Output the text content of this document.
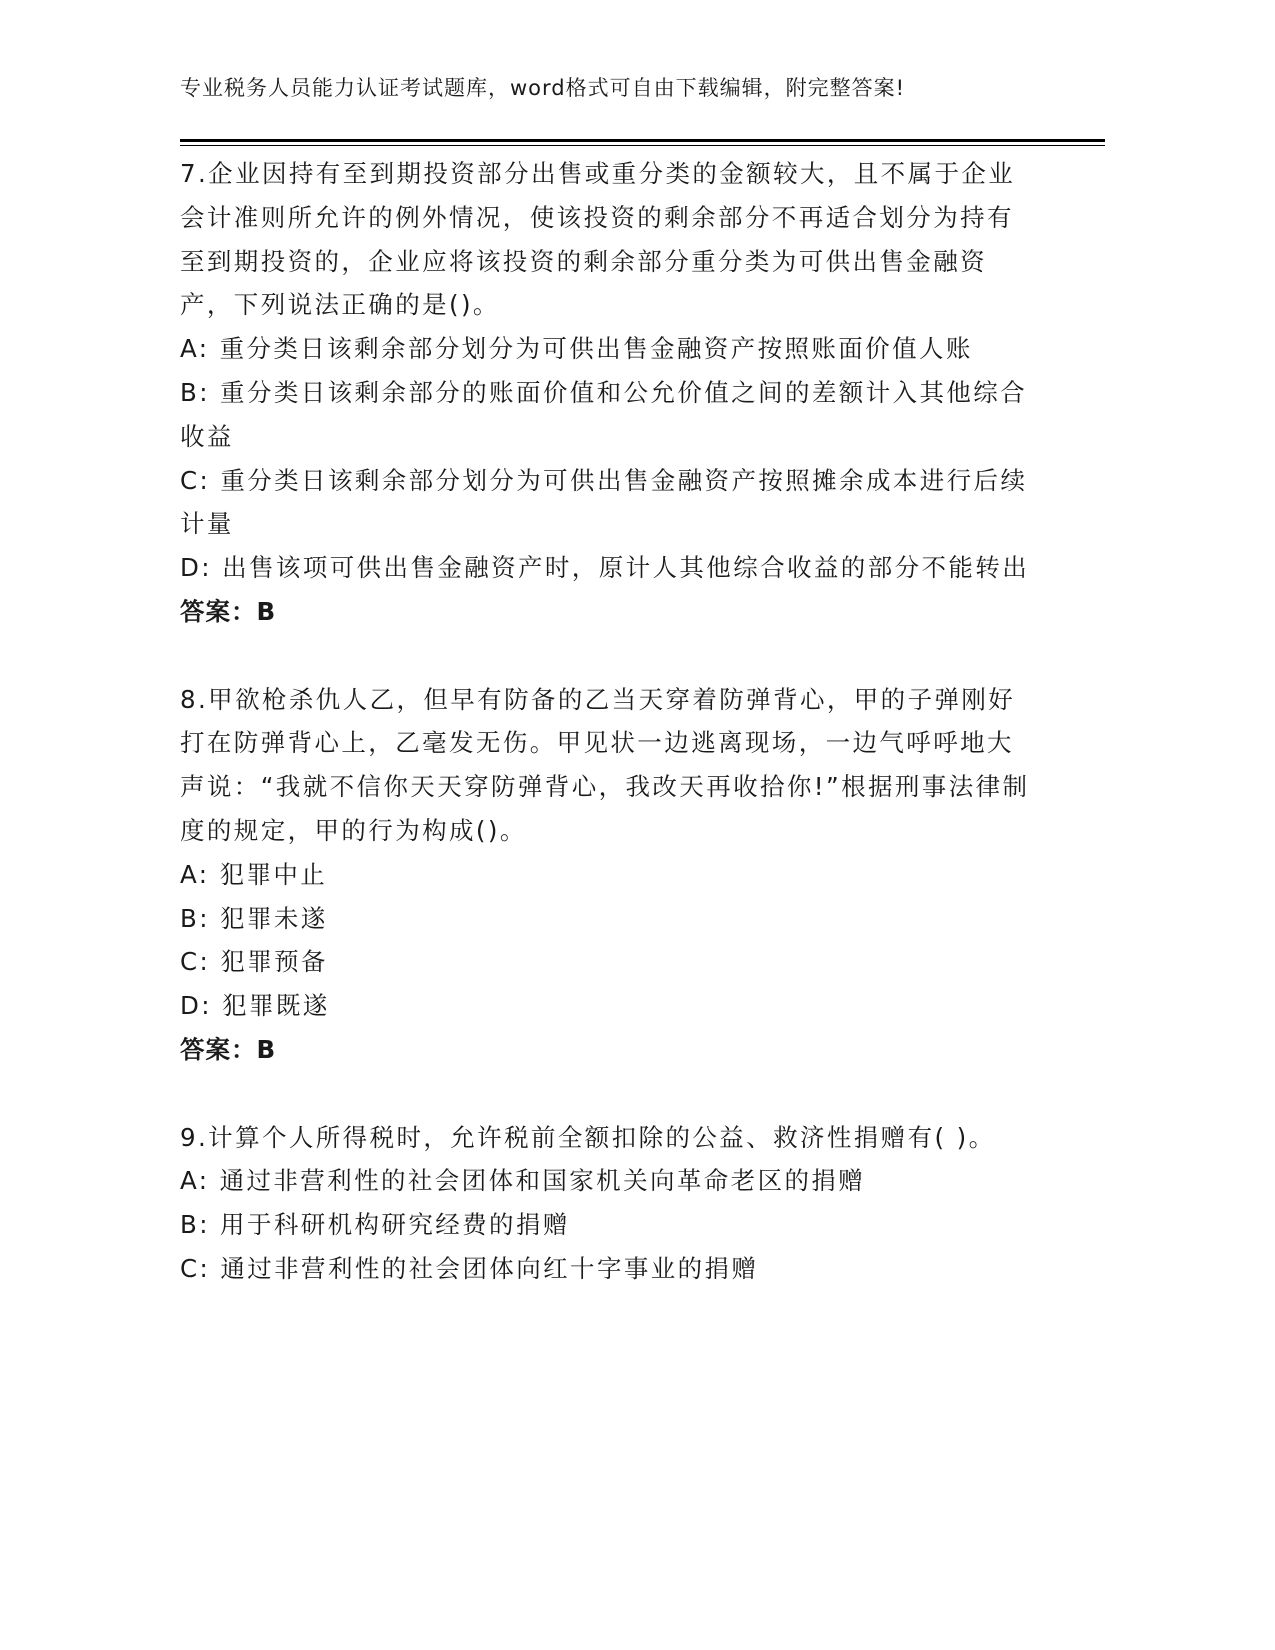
专业税务人员能力认证考试题库，word格式可自由下载编辑，附完整答案!

7.企业因持有至到期投资部分出售或重分类的金额较大，且不属于企业会计准则所允许的例外情况，使该投资的剩余部分不再适合划分为持有至到期投资的，企业应将该投资的剩余部分重分类为可供出售金融资产，下列说法正确的是()。

A: 重分类日该剩余部分划分为可供出售金融资产按照账面价值人账

B: 重分类日该剩余部分的账面价值和公允价值之间的差额计入其他综合收益

C: 重分类日该剩余部分划分为可供出售金融资产按照摊余成本进行后续计量

D: 出售该项可供出售金融资产时，原计人其他综合收益的部分不能转出

答案：B

8.甲欲枪杀仇人乙，但早有防备的乙当天穿着防弹背心，甲的子弹刚好打在防弹背心上，乙毫发无伤。甲见状一边逃离现场，一边气呼呼地大声说：“我就不信你天天穿防弹背心，我改天再收拾你!”根据刑事法律制度的规定，甲的行为构成()。

A: 犯罪中止

B: 犯罪未遂

C: 犯罪预备

D: 犯罪既遂

答案：B

9.计算个人所得税时，允许税前全额扣除的公益、救济性捐赠有( )。

A: 通过非营利性的社会团体和国家机关向革命老区的捐赠

B: 用于科研机构研究经费的捐赠

C: 通过非营利性的社会团体向红十字事业的捐赠
